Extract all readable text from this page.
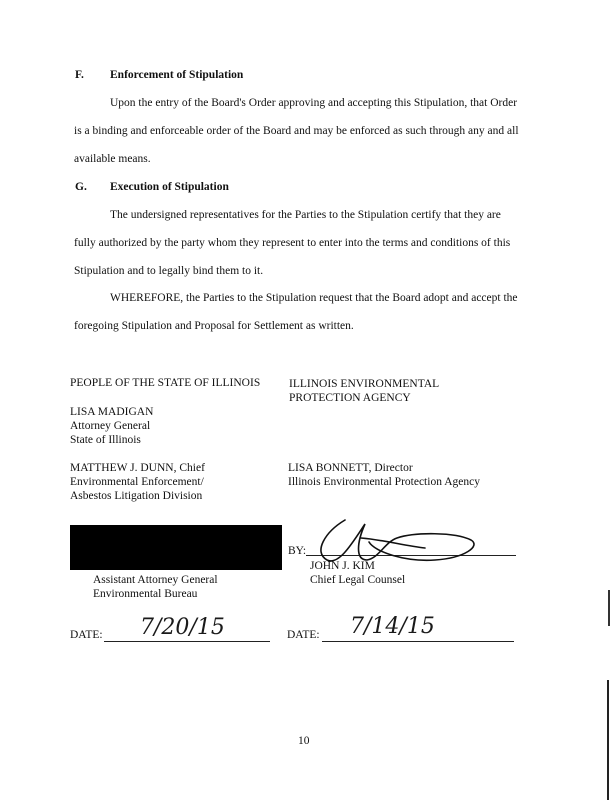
F. Enforcement of Stipulation
Upon the entry of the Board's Order approving and accepting this Stipulation, that Order
is a binding and enforceable order of the Board and may be enforced as such through any and all
available means.
G. Execution of Stipulation
The undersigned representatives for the Parties to the Stipulation certify that they are
fully authorized by the party whom they represent to enter into the terms and conditions of this
Stipulation and to legally bind them to it.
WHEREFORE, the Parties to the Stipulation request that the Board adopt and accept the
foregoing Stipulation and Proposal for Settlement as written.
PEOPLE OF THE STATE OF ILLINOIS
LISA MADIGAN
Attorney General
State of Illinois
MATTHEW J. DUNN, Chief
Environmental Enforcement/
Asbestos Litigation Division
Assistant Attorney General
Environmental Bureau
DATE: 7/20/15
ILLINOIS ENVIRONMENTAL
PROTECTION AGENCY
LISA BONNETT, Director
Illinois Environmental Protection Agency
BY:
JOHN J. KIM
Chief Legal Counsel
DATE: 7/14/15
10
